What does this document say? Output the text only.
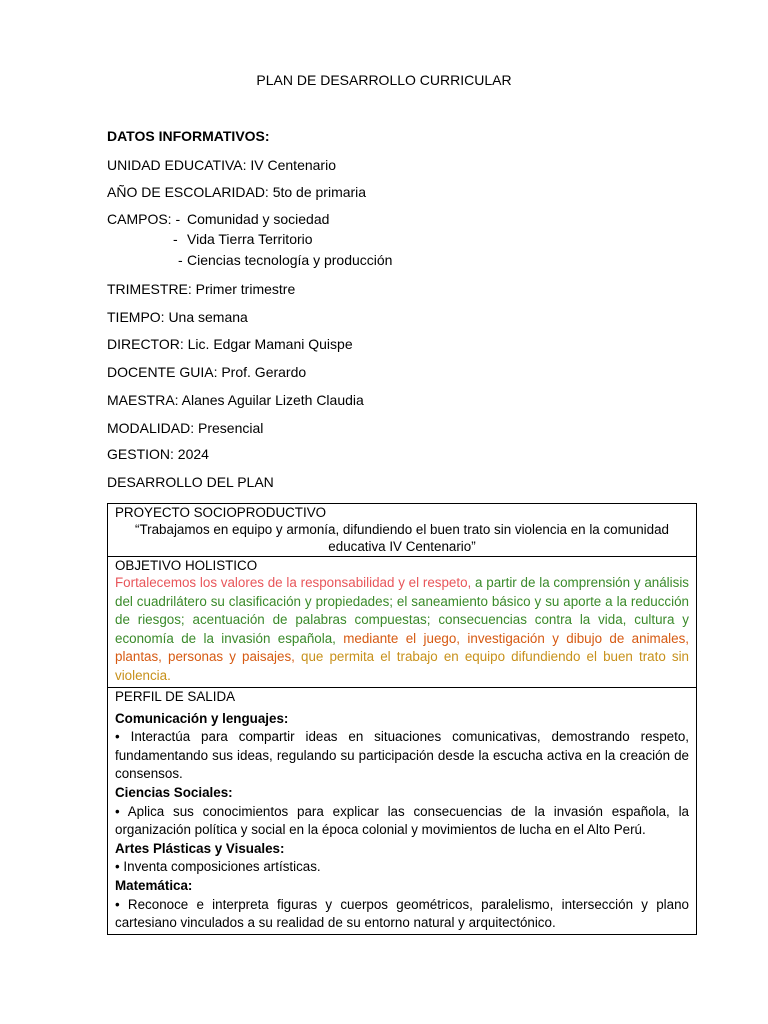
PLAN DE DESARROLLO CURRICULAR
DATOS INFORMATIVOS:
UNIDAD EDUCATIVA: IV Centenario
AÑO DE ESCOLARIDAD: 5to de primaria
CAMPOS: - Comunidad y sociedad
- Vida Tierra Territorio
- Ciencias tecnología y producción
TRIMESTRE: Primer trimestre
TIEMPO: Una semana
DIRECTOR: Lic. Edgar Mamani Quispe
DOCENTE GUIA: Prof. Gerardo
MAESTRA: Alanes Aguilar Lizeth Claudia
MODALIDAD: Presencial
GESTION: 2024
DESARROLLO DEL PLAN
PROYECTO SOCIOPRODUCTIVO
“Trabajamos en equipo y armonía, difundiendo el buen trato sin violencia en la comunidad educativa IV Centenario”
OBJETIVO HOLISTICO
Fortalecemos los valores de la responsabilidad y el respeto, a partir de la comprensión y análisis del cuadrilátero su clasificación y propiedades; el saneamiento básico y su aporte a la reducción de riesgos; acentuación de palabras compuestas; consecuencias contra la vida, cultura y economía de la invasión española, mediante el juego, investigación y dibujo de animales, plantas, personas y paisajes, que permita el trabajo en equipo difundiendo el buen trato sin violencia.
PERFIL DE SALIDA
Comunicación y lenguajes:

• Interactúa para compartir ideas en situaciones comunicativas, demostrando respeto, fundamentando sus ideas, regulando su participación desde la escucha activa en la creación de consensos.

Ciencias Sociales:

• Aplica sus conocimientos para explicar las consecuencias de la invasión española, la organización política y social en la época colonial y movimientos de lucha en el Alto Perú.

Artes Plásticas y Visuales:

• Inventa composiciones artísticas.

Matemática:

• Reconoce e interpreta figuras y cuerpos geométricos, paralelismo, intersección y plano cartesiano vinculados a su realidad de su entorno natural y arquitectónico.
